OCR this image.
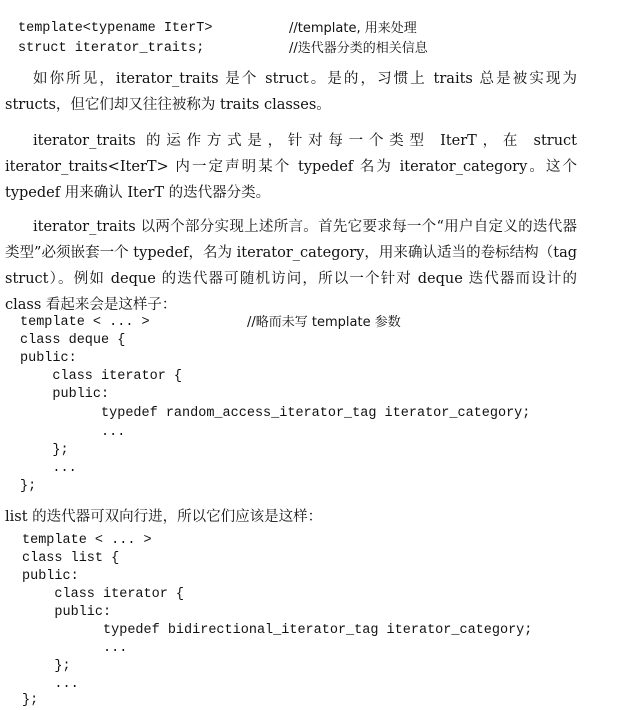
template<typename IterT>	//template, 用来处理
struct iterator_traits;	//迭代器分类的相关信息
如你所见，iterator_traits 是个 struct。是的，习惯上 traits 总是被实现为 structs，但它们却又往往被称为 traits classes。
iterator_traits 的运作方式是，针对每一个类型 IterT，在 struct iterator_traits<IterT> 内一定声明某个 typedef 名为 iterator_category。这个 typedef 用来确认 IterT 的迭代器分类。
iterator_traits 以两个部分实现上述所言。首先它要求每一个“用户自定义的迭代器类型”必须嵌套一个 typedef，名为 iterator_category，用来确认适当的卷标结构（tag struct）。例如 deque 的迭代器可随机访问，所以一个针对 deque 迭代器而设计的 class 看起来会是这样子：
template < ... >	//略而未写 template 参数
class deque {
public:
class iterator {
public:
typedef random_access_iterator_tag iterator_category;
...
};
...
};
list 的迭代器可双向行进，所以它们应该是这样：
template < ... >
class list {
public:
class iterator {
public:
typedef bidirectional_iterator_tag iterator_category;
...
};
...
};
